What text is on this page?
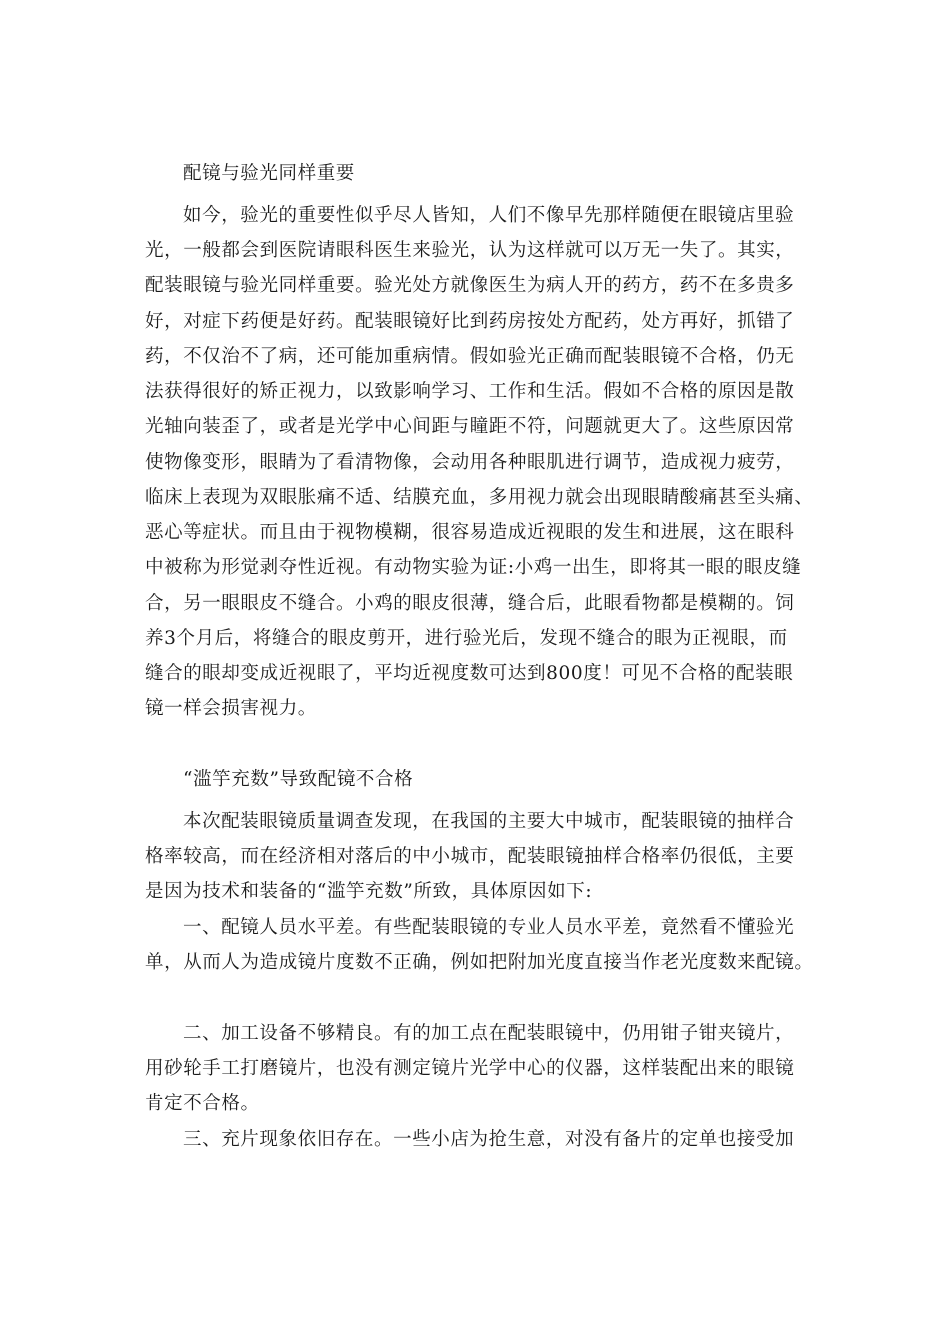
配镜与验光同样重要
如今，验光的重要性似乎尽人皆知，人们不像早先那样随便在眼镜店里验
光，一般都会到医院请眼科医生来验光，认为这样就可以万无一失了。其实，
配装眼镜与验光同样重要。验光处方就像医生为病人开的药方，药不在多贵多
好，对症下药便是好药。配装眼镜好比到药房按处方配药，处方再好，抓错了
药，不仅治不了病，还可能加重病情。假如验光正确而配装眼镜不合格，仍无
法获得很好的矫正视力，以致影响学习、工作和生活。假如不合格的原因是散
光轴向装歪了，或者是光学中心间距与瞳距不符，问题就更大了。这些原因常
使物像变形，眼睛为了看清物像，会动用各种眼肌进行调节，造成视力疲劳，
临床上表现为双眼胀痛不适、结膜充血，多用视力就会出现眼睛酸痛甚至头痛、
恶心等症状。而且由于视物模糊，很容易造成近视眼的发生和进展，这在眼科
中被称为形觉剥夺性近视。有动物实验为证:小鸡一出生，即将其一眼的眼皮缝
合，另一眼眼皮不缝合。小鸡的眼皮很薄，缝合后，此眼看物都是模糊的。饲
养3个月后，将缝合的眼皮剪开，进行验光后，发现不缝合的眼为正视眼，而
缝合的眼却变成近视眼了，平均近视度数可达到800度！可见不合格的配装眼
镜一样会损害视力。
“滥竽充数”导致配镜不合格
本次配装眼镜质量调查发现，在我国的主要大中城市，配装眼镜的抽样合
格率较高，而在经济相对落后的中小城市，配装眼镜抽样合格率仍很低，主要
是因为技术和装备的“滥竽充数”所致，具体原因如下:
一、配镜人员水平差。有些配装眼镜的专业人员水平差，竟然看不懂验光
单，从而人为造成镜片度数不正确，例如把附加光度直接当作老光度数来配镜。
二、加工设备不够精良。有的加工点在配装眼镜中，仍用钳子钳夹镜片，
用砂轮手工打磨镜片，也没有测定镜片光学中心的仪器，这样装配出来的眼镜
肯定不合格。
三、充片现象依旧存在。一些小店为抢生意，对没有备片的定单也接受加
